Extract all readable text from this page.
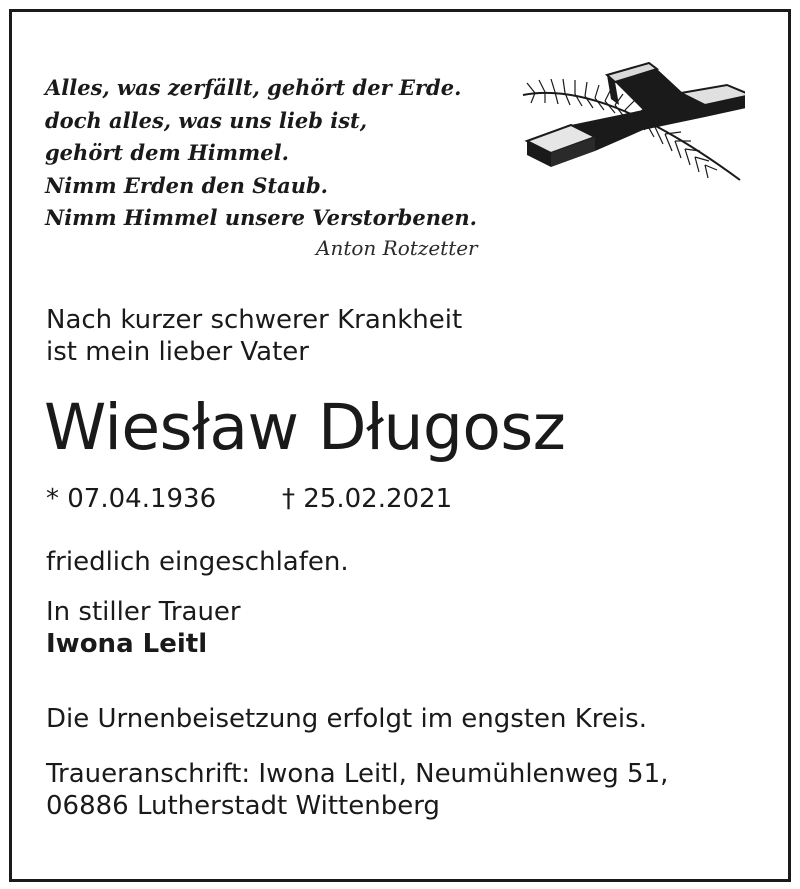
Alles, was zerfällt, gehört der Erde.
doch alles, was uns lieb ist,
gehört dem Himmel.
Nimm Erden den Staub.
Nimm Himmel unsere Verstorbenen.
Anton Rotzetter
Nach kurzer schwerer Krankheit
ist mein lieber Vater
Wiesław Długosz
* 07.04.1936	† 25.02.2021
friedlich eingeschlafen.
In stiller Trauer
Iwona Leitl
Die Urnenbeisetzung erfolgt im engsten Kreis.
Traueranschrift: Iwona Leitl, Neumühlenweg 51,
06886 Lutherstadt Wittenberg
